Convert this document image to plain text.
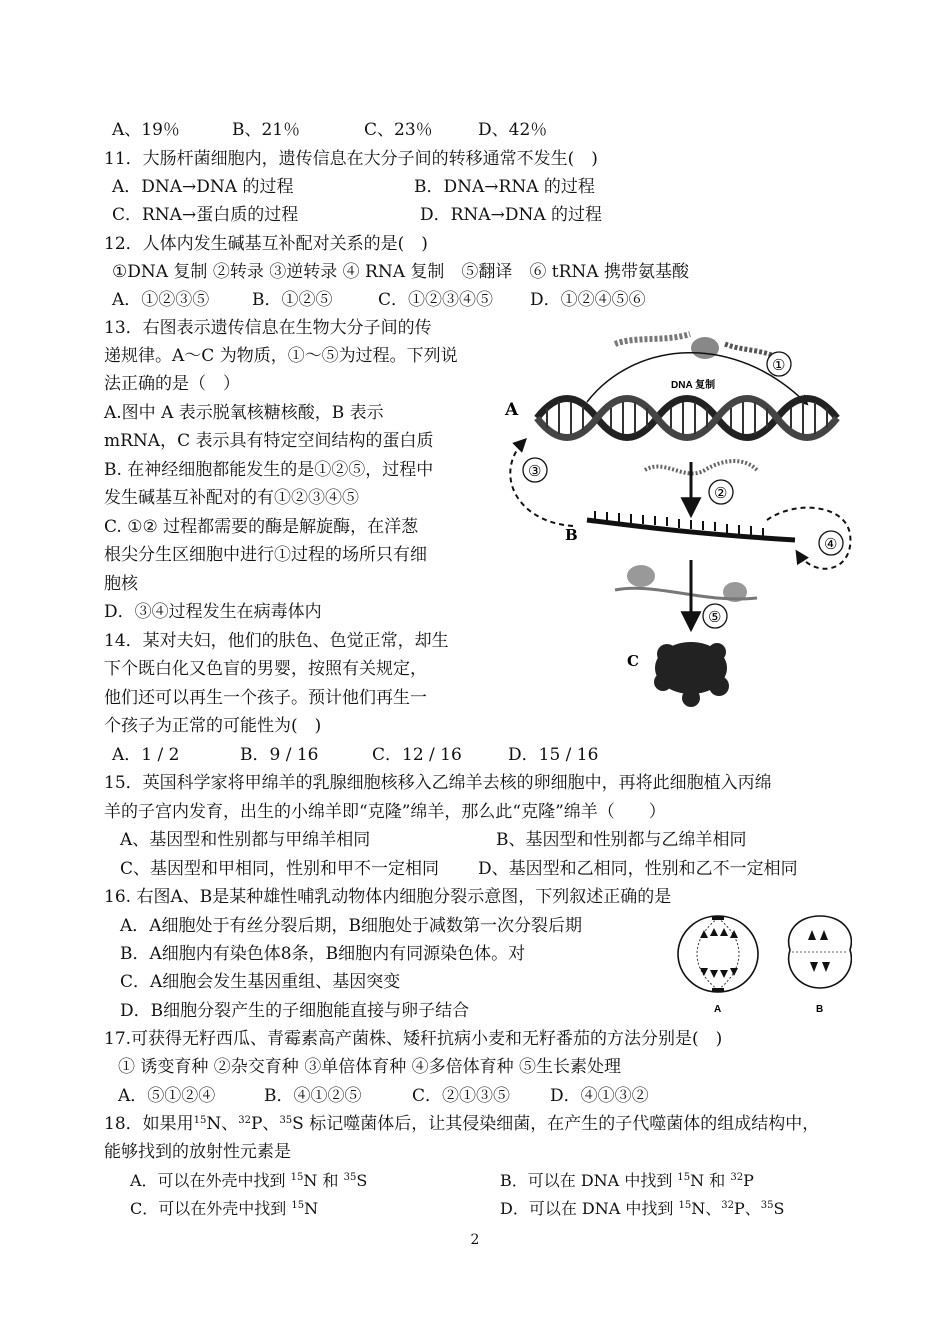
A、19％	B、21％	C、23％	D、42％
11．大肠杆菌细胞内，遗传信息在大分子间的转移通常不发生(　)
A．DNA→DNA 的过程	B．DNA→RNA 的过程
C．RNA→蛋白质的过程	D．RNA→DNA 的过程
12．人体内发生碱基互补配对关系的是(　)
①DNA 复制 ②转录 ③逆转录 ④ RNA 复制　⑤翻译　⑥ tRNA 携带氨基酸
A．①②③⑤	B．①②⑤	C．①②③④⑤ D．①②④⑤⑥
13．右图表示遗传信息在生物大分子间的传
递规律。A～C 为物质，①～⑤为过程。下列说
法正确的是（　）
A.图中 A 表示脱氧核糖核酸，B 表示
mRNA，C 表示具有特定空间结构的蛋白质
B. 在神经细胞都能发生的是①②⑤，过程中
发生碱基互补配对的有①②③④⑤
C. ①② 过程都需要的酶是解旋酶，在洋葱
根尖分生区细胞中进行①过程的场所只有细
胞核
D．③④过程发生在病毒体内
①
DNA 复制
A
②
B
③
④
⑤
C
14．某对夫妇，他们的肤色、色觉正常，却生
下个既白化又色盲的男婴，按照有关规定，
他们还可以再生一个孩子。预计他们再生一
个孩子为正常的可能性为(　)
A．1 / 2	B．9 / 16	C．12 / 16	D．15 / 16
15．英国科学家将甲绵羊的乳腺细胞核移入乙绵羊去核的卵细胞中，再将此细胞植入丙绵
羊的子宫内发育，出生的小绵羊即“克隆”绵羊，那么此“克隆”绵羊（　　）
A、基因型和性别都与甲绵羊相同	B、基因型和性别都与乙绵羊相同
C、基因型和甲相同，性别和甲不一定相同 D、基因型和乙相同，性别和乙不一定相同
16. 右图A、B是某种雄性哺乳动物体内细胞分裂示意图，下列叙述正确的是
A．A细胞处于有丝分裂后期，B细胞处于减数第一次分裂后期
B．A细胞内有染色体8条，B细胞内有同源染色体。对
C．A细胞会发生基因重组、基因突变
D．B细胞分裂产生的子细胞能直接与卵子结合	A	B
17.可获得无籽西瓜、青霉素高产菌株、矮秆抗病小麦和无籽番茄的方法分别是(　)
① 诱变育种 ②杂交育种 ③单倍体育种 ④多倍体育种 ⑤生长素处理
A．⑤①②④	B．④①②⑤	C．②①③⑤ D．④①③②
18．如果用$^{15}$N、$^{32}$P、$^{35}$S 标记噬菌体后，让其侵染细菌，在产生的子代噬菌体的组成结构中，
能够找到的放射性元素是
A．可以在外壳中找到 $^{15}$N 和 $^{35}$S	B．可以在 DNA 中找到 $^{15}$N 和 $^{32}$P
C．可以在外壳中找到 $^{15}$N	D．可以在 DNA 中找到 $^{15}$N、$^{32}$P、$^{35}$S
2
